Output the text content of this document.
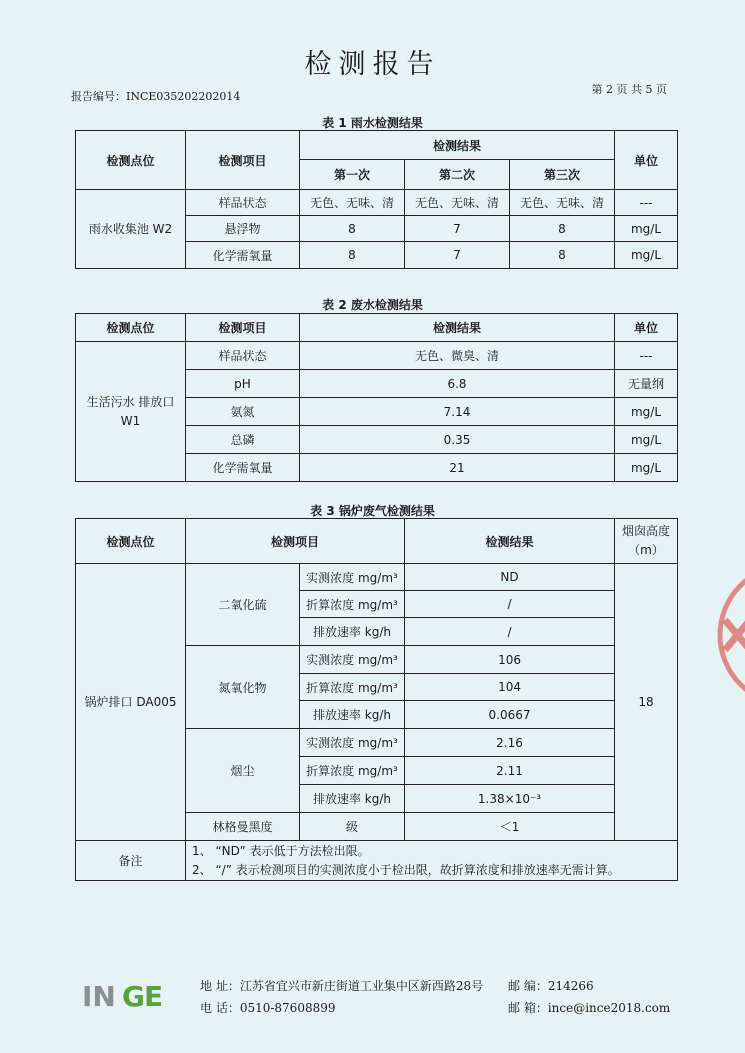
检测报告
报告编号：INCE035202202014
第 2 页 共 5 页
表 1 雨水检测结果
检测点位	检测项目	检测结果			单位
		第一次	第二次	第三次	
雨水收集池 W2	样品状态	无色、无味、清	无色、无味、清	无色、无味、清	---
	悬浮物	8	7	8	mg/L
	化学需氧量	8	7	8	mg/L
表 2 废水检测结果
检测点位	检测项目	检测结果	单位
生活污水 排放口 W1	样品状态	无色、微臭、清	---
	pH	6.8	无量纲
	氨氮	7.14	mg/L
	总磷	0.35	mg/L
	化学需氧量	21	mg/L
表 3 锅炉废气检测结果
检测点位	检测项目		检测结果	烟囱高度 （m）
锅炉排口 DA005	二氧化硫	实测浓度 mg/m³	ND	18
		折算浓度 mg/m³	/	
		排放速率 kg/h	/	
	氮氧化物	实测浓度 mg/m³	106	
		折算浓度 mg/m³	104	
		排放速率 kg/h	0.0667	
	烟尘	实测浓度 mg/m³	2.16	
		折算浓度 mg/m³	2.11	
		排放速率 kg/h	1.38×10⁻³	
	林格曼黑度	级	＜1	
备注	1、 “ND” 表示低于方法检出限。
2、 “/” 表示检测项目的实测浓度小于检出限，故折算浓度和排放速率无需计算。			
IN G E	地 址：江苏省宜兴市新庄街道工业集中区新西路28号
电 话：0510-87608899
邮 编：214266
邮 箱：ince@ince2018.com
